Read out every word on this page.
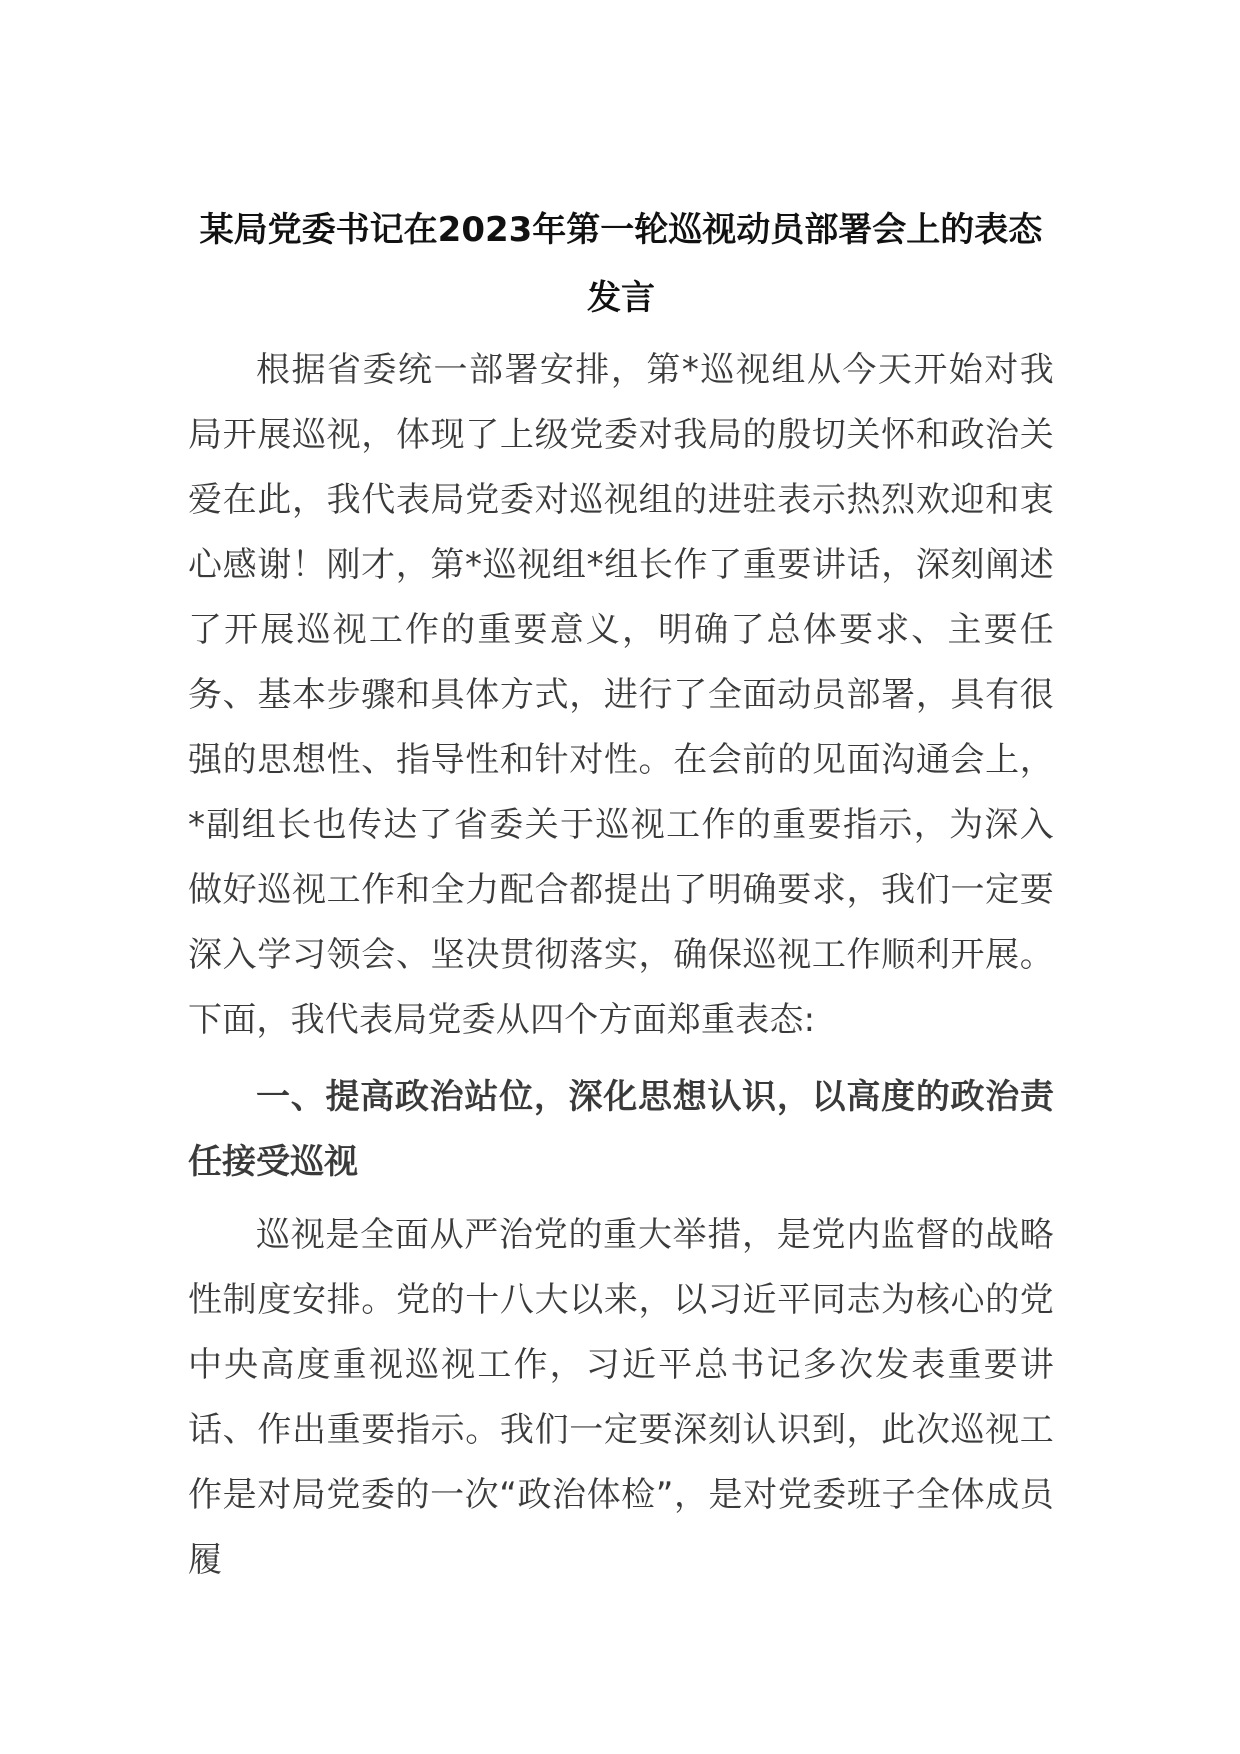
某局党委书记在2023年第一轮巡视动员部署会上的表态发言

根据省委统一部署安排，第*巡视组从今天开始对我局开展巡视，体现了上级党委对我局的殷切关怀和政治关爱在此，我代表局党委对巡视组的进驻表示热烈欢迎和衷心感谢！刚才，第*巡视组*组长作了重要讲话，深刻阐述了开展巡视工作的重要意义，明确了总体要求、主要任务、基本步骤和具体方式，进行了全面动员部署，具有很强的思想性、指导性和针对性。在会前的见面沟通会上，*副组长也传达了省委关于巡视工作的重要指示，为深入做好巡视工作和全力配合都提出了明确要求，我们一定要深入学习领会、坚决贯彻落实，确保巡视工作顺利开展。下面，我代表局党委从四个方面郑重表态:

一、提高政治站位，深化思想认识，以高度的政治责任接受巡视

巡视是全面从严治党的重大举措，是党内监督的战略性制度安排。党的十八大以来，以习近平同志为核心的党中央高度重视巡视工作，习近平总书记多次发表重要讲话、作出重要指示。我们一定要深刻认识到，此次巡视工作是对局党委的一次“政治体检”，是对党委班子全体成员履
